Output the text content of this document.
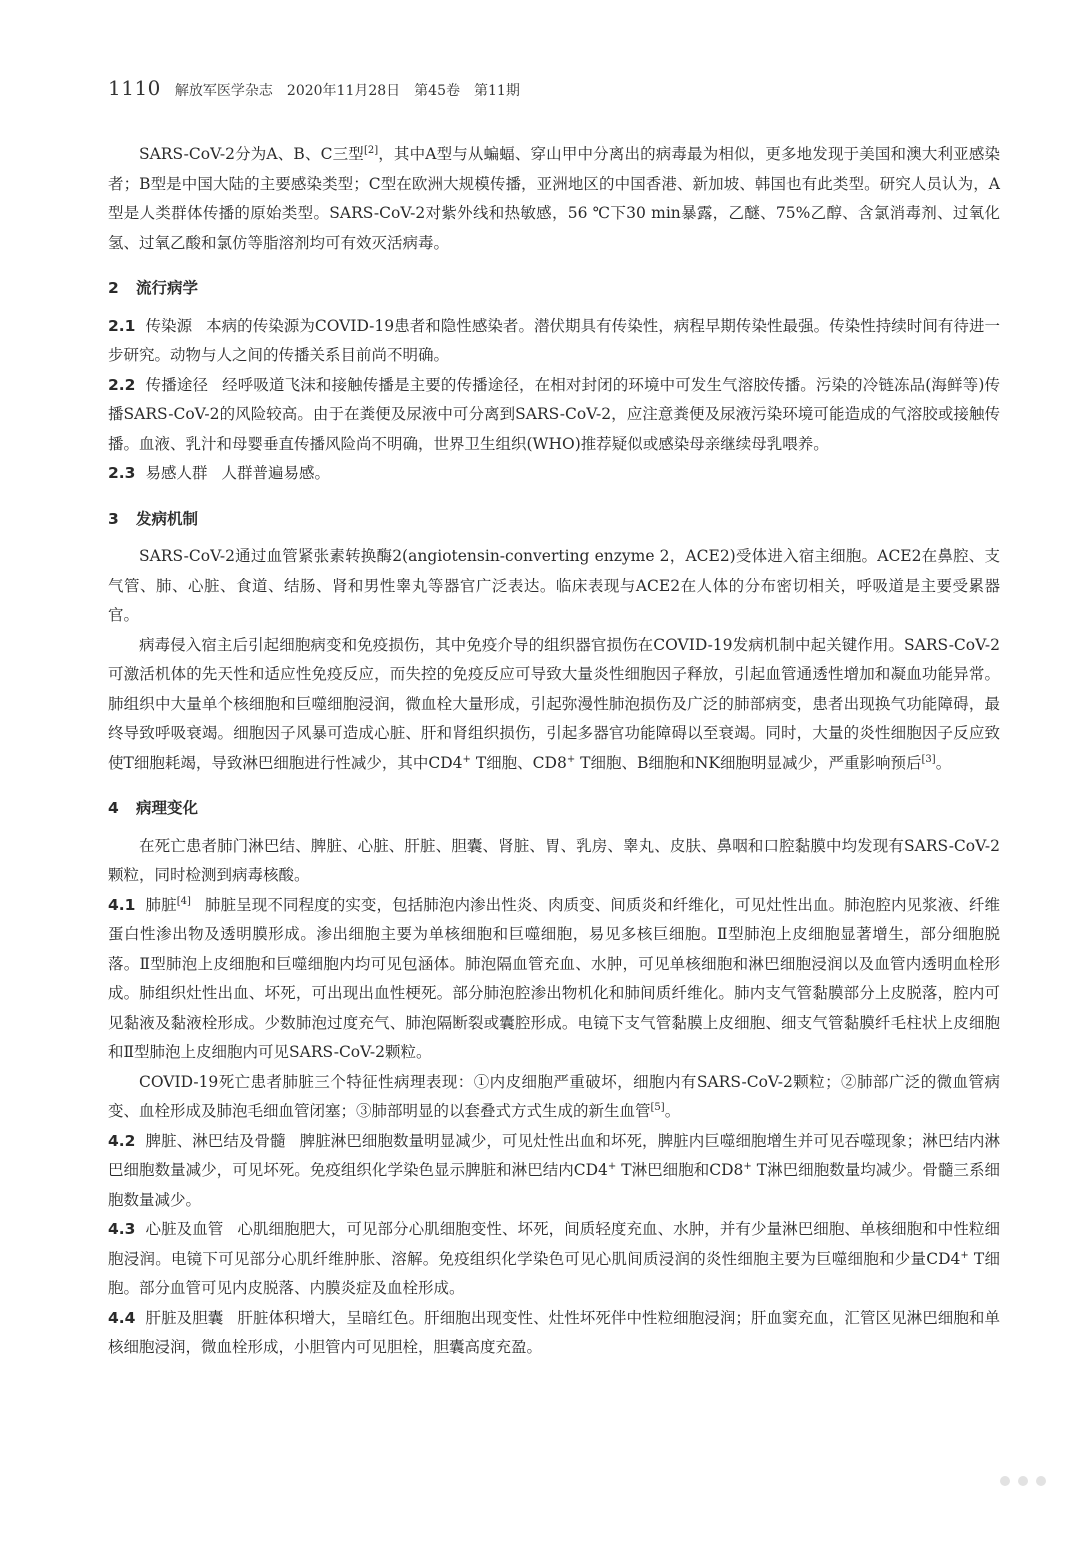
1110 解放军医学杂志 2020年11月28日 第45卷 第11期

SARS-CoV-2分为A、B、C三型[2]，其中A型与从蝙蝠、穿山甲中分离出的病毒最为相似，更多地发现于美国和澳大利亚感染者；B型是中国大陆的主要感染类型；C型在欧洲大规模传播，亚洲地区的中国香港、新加坡、韩国也有此类型。研究人员认为，A型是人类群体传播的原始类型。SARS-CoV-2对紫外线和热敏感，56 ℃下30 min暴露，乙醚、75%乙醇、含氯消毒剂、过氧化氢、过氧乙酸和氯仿等脂溶剂均可有效灭活病毒。

2 流行病学

2.1 传染源 本病的传染源为COVID-19患者和隐性感染者。潜伏期具有传染性，病程早期传染性最强。传染性持续时间有待进一步研究。动物与人之间的传播关系目前尚不明确。

2.2 传播途径 经呼吸道飞沫和接触传播是主要的传播途径，在相对封闭的环境中可发生气溶胶传播。污染的冷链冻品(海鲜等)传播SARS-CoV-2的风险较高。由于在粪便及尿液中可分离到SARS-CoV-2，应注意粪便及尿液污染环境可能造成的气溶胶或接触传播。血液、乳汁和母婴垂直传播风险尚不明确，世界卫生组织(WHO)推荐疑似或感染母亲继续母乳喂养。

2.3 易感人群 人群普遍易感。

3 发病机制

SARS-CoV-2通过血管紧张素转换酶2(angiotensin-converting enzyme 2，ACE2)受体进入宿主细胞。ACE2在鼻腔、支气管、肺、心脏、食道、结肠、肾和男性睾丸等器官广泛表达。临床表现与ACE2在人体的分布密切相关，呼吸道是主要受累器官。

病毒侵入宿主后引起细胞病变和免疫损伤，其中免疫介导的组织器官损伤在COVID-19发病机制中起关键作用。SARS-CoV-2可激活机体的先天性和适应性免疫反应，而失控的免疫反应可导致大量炎性细胞因子释放，引起血管通透性增加和凝血功能异常。肺组织中大量单个核细胞和巨噬细胞浸润，微血栓大量形成，引起弥漫性肺泡损伤及广泛的肺部病变，患者出现换气功能障碍，最终导致呼吸衰竭。细胞因子风暴可造成心脏、肝和肾组织损伤，引起多器官功能障碍以至衰竭。同时，大量的炎性细胞因子反应致使T细胞耗竭，导致淋巴细胞进行性减少，其中CD4+ T细胞、CD8+ T细胞、B细胞和NK细胞明显减少，严重影响预后[3]。

4 病理变化

在死亡患者肺门淋巴结、脾脏、心脏、肝脏、胆囊、肾脏、胃、乳房、睾丸、皮肤、鼻咽和口腔黏膜中均发现有SARS-CoV-2颗粒，同时检测到病毒核酸。

4.1 肺脏[4] 肺脏呈现不同程度的实变，包括肺泡内渗出性炎、肉质变、间质炎和纤维化，可见灶性出血。肺泡腔内见浆液、纤维蛋白性渗出物及透明膜形成。渗出细胞主要为单核细胞和巨噬细胞，易见多核巨细胞。Ⅱ型肺泡上皮细胞显著增生，部分细胞脱落。Ⅱ型肺泡上皮细胞和巨噬细胞内均可见包涵体。肺泡隔血管充血、水肿，可见单核细胞和淋巴细胞浸润以及血管内透明血栓形成。肺组织灶性出血、坏死，可出现出血性梗死。部分肺泡腔渗出物机化和肺间质纤维化。肺内支气管黏膜部分上皮脱落，腔内可见黏液及黏液栓形成。少数肺泡过度充气、肺泡隔断裂或囊腔形成。电镜下支气管黏膜上皮细胞、细支气管黏膜纤毛柱状上皮细胞和Ⅱ型肺泡上皮细胞内可见SARS-CoV-2颗粒。

COVID-19死亡患者肺脏三个特征性病理表现：①内皮细胞严重破坏，细胞内有SARS-CoV-2颗粒；②肺部广泛的微血管病变、血栓形成及肺泡毛细血管闭塞；③肺部明显的以套叠式方式生成的新生血管[5]。

4.2 脾脏、淋巴结及骨髓 脾脏淋巴细胞数量明显减少，可见灶性出血和坏死，脾脏内巨噬细胞增生并可见吞噬现象；淋巴结内淋巴细胞数量减少，可见坏死。免疫组织化学染色显示脾脏和淋巴结内CD4+ T淋巴细胞和CD8+ T淋巴细胞数量均减少。骨髓三系细胞数量减少。

4.3 心脏及血管 心肌细胞肥大，可见部分心肌细胞变性、坏死，间质轻度充血、水肿，并有少量淋巴细胞、单核细胞和中性粒细胞浸润。电镜下可见部分心肌纤维肿胀、溶解。免疫组织化学染色可见心肌间质浸润的炎性细胞主要为巨噬细胞和少量CD4+ T细胞。部分血管可见内皮脱落、内膜炎症及血栓形成。

4.4 肝脏及胆囊 肝脏体积增大，呈暗红色。肝细胞出现变性、灶性坏死伴中性粒细胞浸润；肝血窦充血，汇管区见淋巴细胞和单核细胞浸润，微血栓形成，小胆管内可见胆栓，胆囊高度充盈。
